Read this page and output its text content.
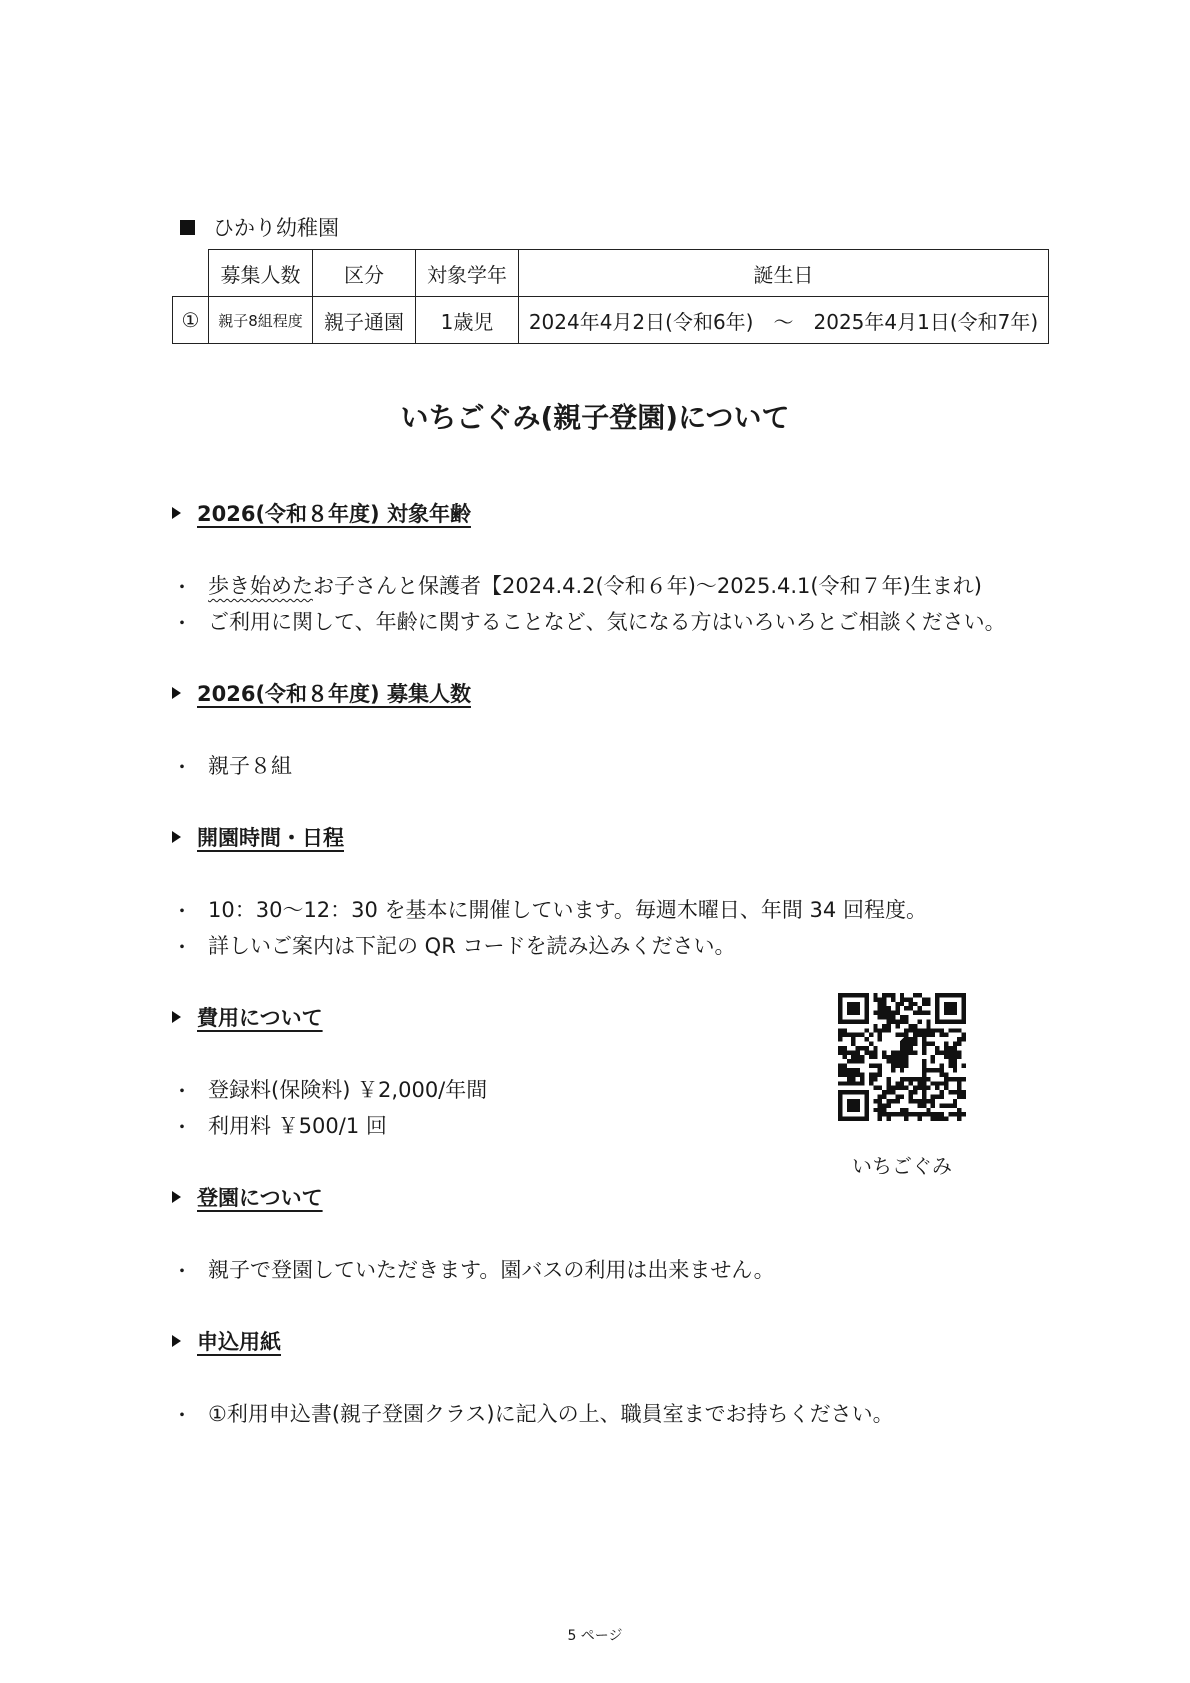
ひかり幼稚園
	募集人数	区分	対象学年	誕生日
①	親子8組程度	親子通園	1歳児	2024年4月2日(令和6年)　～　2025年4月1日(令和7年)
いちごぐみ(親子登園)について
2026(令和８年度) 対象年齢
・ 歩き始めた お子さんと保護者【2024.4.2(令和６年)～2025.4.1(令和７年)生まれ)
・ ご利用に関して、年齢に関することなど、気になる方はいろいろとご相談ください。
2026(令和８年度) 募集人数
・ 親子８組
開園時間・日程
・ 10：30～12：30 を基本に開催しています。毎週木曜日、年間 34 回程度。
・ 詳しいご案内は下記の QR コードを読み込みください。
費用について
・ 登録料(保険料) ￥2,000/年間
・ 利用料 ￥500/1 回
いちごぐみ
登園について
・ 親子で登園していただきます。園バスの利用は出来ません。
申込用紙
・ ①利用申込書(親子登園クラス)に記入の上、職員室までお持ちください。
5 ページ
